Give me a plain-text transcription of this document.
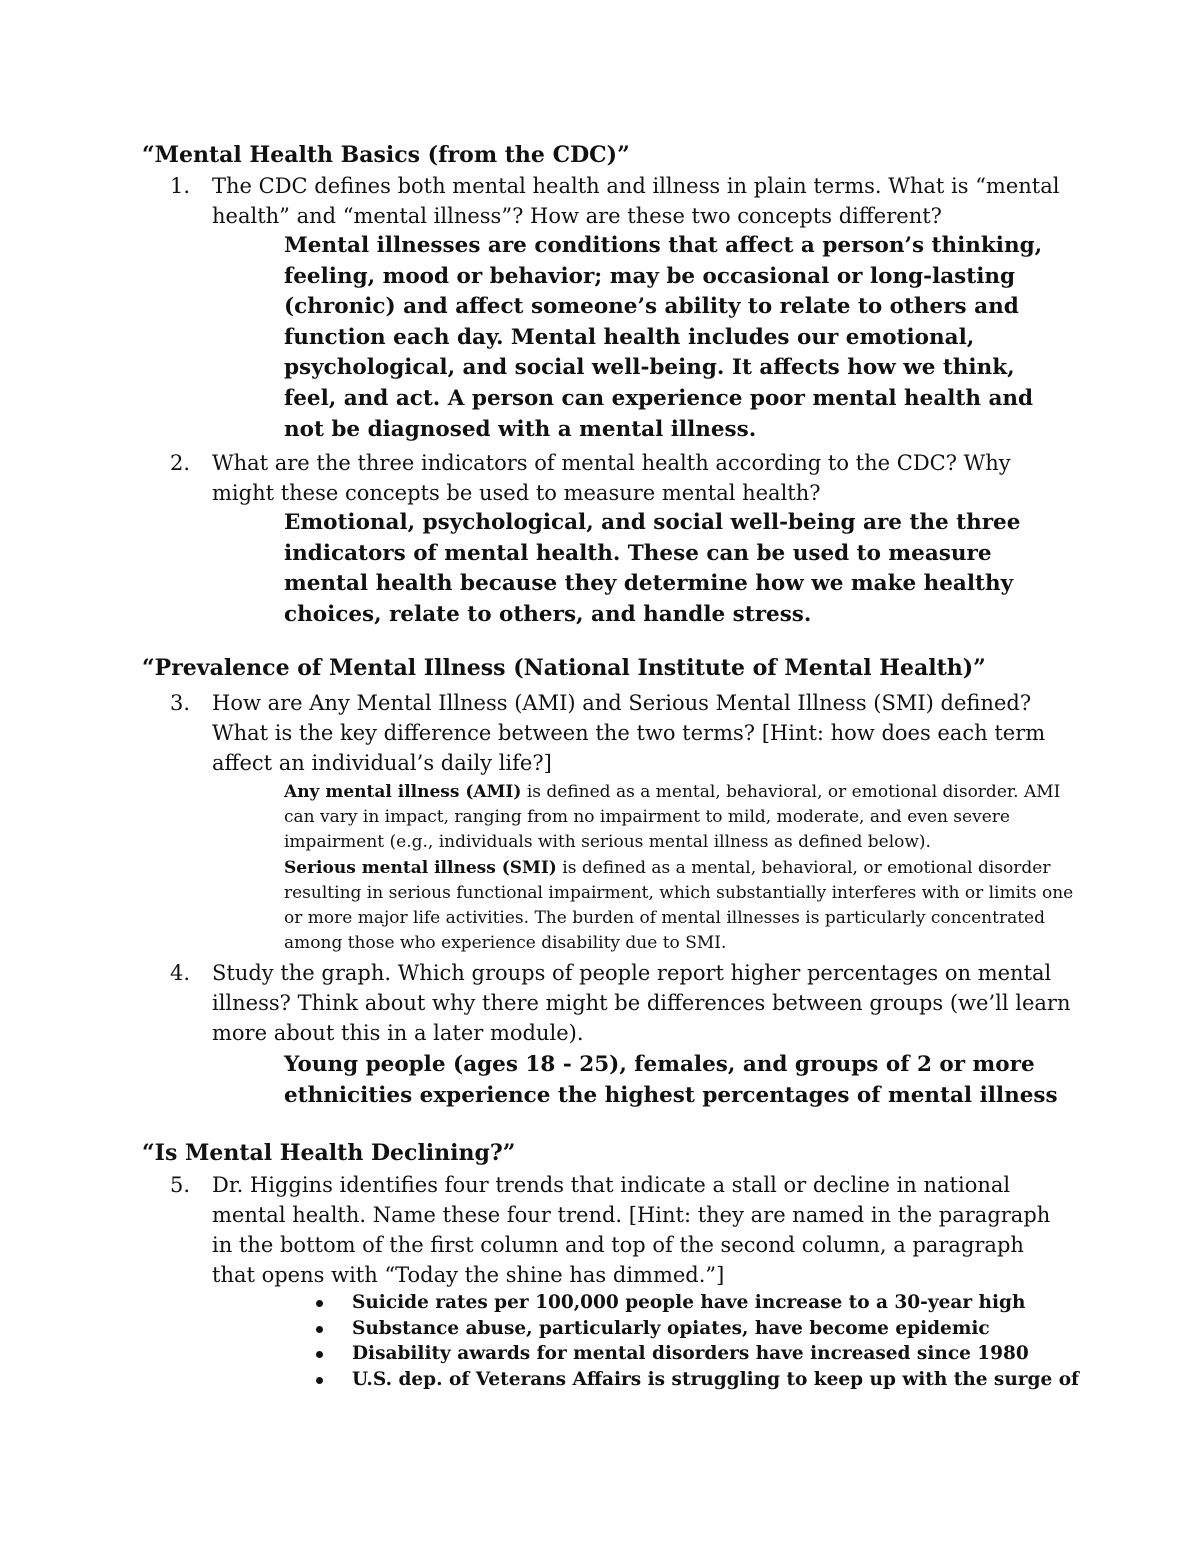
“Mental Health Basics (from the CDC)”
1.	The CDC defines both mental health and illness in plain terms. What is “mental health” and “mental illness”? How are these two concepts different?
Mental illnesses are conditions that affect a person’s thinking, feeling, mood or behavior; may be occasional or long-lasting (chronic) and affect someone’s ability to relate to others and function each day. Mental health includes our emotional, psychological, and social well-being. It affects how we think, feel, and act. A person can experience poor mental health and not be diagnosed with a mental illness.
2.	What are the three indicators of mental health according to the CDC? Why might these concepts be used to measure mental health?
Emotional, psychological, and social well-being are the three indicators of mental health. These can be used to measure mental health because they determine how we make healthy choices, relate to others, and handle stress.
“Prevalence of Mental Illness (National Institute of Mental Health)”
3.	How are Any Mental Illness (AMI) and Serious Mental Illness (SMI) defined? What is the key difference between the two terms? [Hint: how does each term affect an individual’s daily life?]

Any mental illness (AMI) is defined as a mental, behavioral, or emotional disorder. AMI can vary in impact, ranging from no impairment to mild, moderate, and even severe impairment (e.g., individuals with serious mental illness as defined below).

Serious mental illness (SMI) is defined as a mental, behavioral, or emotional disorder resulting in serious functional impairment, which substantially interferes with or limits one or more major life activities. The burden of mental illnesses is particularly concentrated among those who experience disability due to SMI.

4.	Study the graph. Which groups of people report higher percentages on mental illness? Think about why there might be differences between groups (we’ll learn more about this in a later module).
Young people (ages 18 - 25), females, and groups of 2 or more ethnicities experience the highest percentages of mental illness
“Is Mental Health Declining?”
5.	Dr. Higgins identifies four trends that indicate a stall or decline in national mental health. Name these four trend. [Hint: they are named in the paragraph in the bottom of the first column and top of the second column, a paragraph that opens with “Today the shine has dimmed.”]
Suicide rates per 100,000 people have increase to a 30-year high
Substance abuse, particularly opiates, have become epidemic
Disability awards for mental disorders have increased since 1980
U.S. dep. of Veterans Affairs is struggling to keep up with the surge of
